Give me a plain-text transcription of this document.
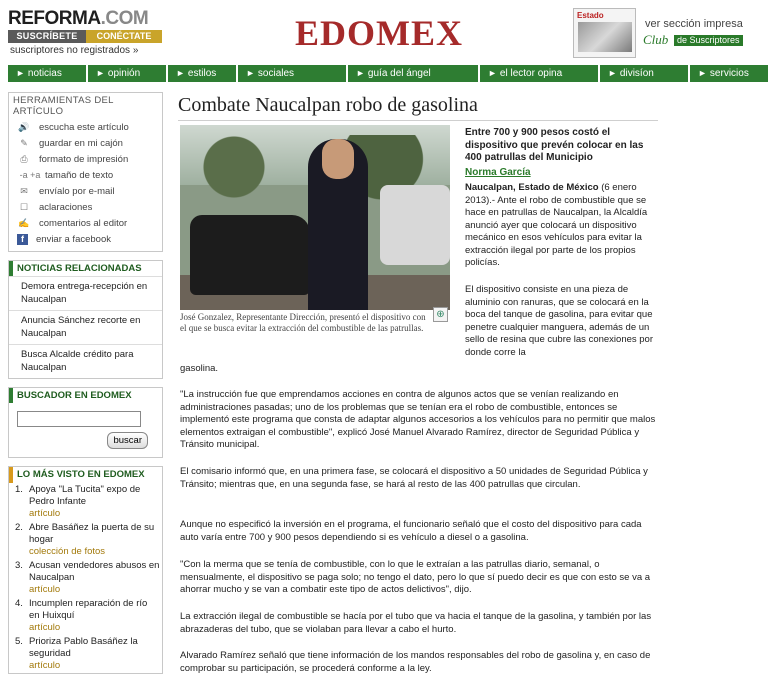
REFORMA.COM
SUSCRÍBETE	CONÉCTATE
suscriptores no registrados »	EDOMEX	Estado
ver sección impresa
Club de Suscriptores
► noticias	► opinión	► estilos	► sociales	► guía del ángel	► el lector opina	► divisíon	► servicios
HERRAMIENTAS DEL ARTÍCULO
🔊 escucha este artículo
✎	guardar en mi cajón
⎙	formato de impresión
-a +a tamaño de texto
✉	envíalo por e-mail
☐	aclaraciones
✍ comentarios al editor
f	enviar a facebook
NOTICIAS RELACIONADAS
Demora entrega-recepción en Naucalpan
Anuncia Sánchez recorte en Naucalpan
Busca Alcalde crédito para Naucalpan
BUSCADOR EN EDOMEX
buscar
LO MÁS VISTO EN EDOMEX
1. Apoya "La Tucita" expo de Pedro Infante
artículo
2. Abre Basáñez la puerta de su hogar
colección de fotos
3. Acusan vendedores abusos en Naucalpan
artículo
4. Incumplen reparación de río en Huixquí
artículo
5. Prioriza Pablo Basáñez la seguridad
artículo
Combate Naucalpan robo de gasolina
⊕
José Gonzalez, Representante Dirección, presentó el dispositivo con el que se busca evitar la extracción del combustible de las patrullas.
Entre 700 y 900 pesos costó el dispositivo que prevén colocar en las 400 patrullas del Municipio
Norma García
Naucalpan, Estado de México (6 enero 2013).- Ante el robo de combustible que se hace en patrullas de Naucalpan, la Alcaldía anunció ayer que colocará un dispositivo mecánico en esos vehículos para evitar la extracción ilegal por parte de los propios policías.
El dispositivo consiste en una pieza de aluminio con ranuras, que se colocará en la boca del tanque de gasolina, para evitar que penetre cualquier manguera, además de un sello de resina que cubre las conexiones por donde corre la
gasolina.
"La instrucción fue que emprendamos acciones en contra de algunos actos que se venían realizando en administraciones pasadas; uno de los problemas que se tenían era el robo de combustible, entonces se implementó este programa que consta de adaptar algunos accesorios a los vehículos para no permitir que malos elementos extraigan el combustible", explicó José Manuel Alvarado Ramírez, director de Seguridad Pública y Tránsito municipal.
El comisario informó que, en una primera fase, se colocará el dispositivo a 50 unidades de Seguridad Pública y Tránsito; mientras que, en una segunda fase, se hará al resto de las 400 patrullas que circulan.
Aunque no especificó la inversión en el programa, el funcionario señaló que el costo del dispositivo para cada auto varía entre 700 y 900 pesos dependiendo si es vehículo a diesel o a gasolina.
"Con la merma que se tenía de combustible, con lo que le extraían a las patrullas diario, semanal, o mensualmente, el dispositivo se paga solo; no tengo el dato, pero lo que sí puedo decir es que con esto se va a ahorrar mucho y se van a combatir este tipo de actos delictivos", dijo.
La extracción ilegal de combustible se hacía por el tubo que va hacia el tanque de la gasolina, y también por las abrazaderas del tubo, que se violaban para llevar a cabo el hurto.
Alvarado Ramírez señaló que tiene información de los mandos responsables del robo de gasolina y, en caso de comprobar su participación, se procederá conforme a la ley.
